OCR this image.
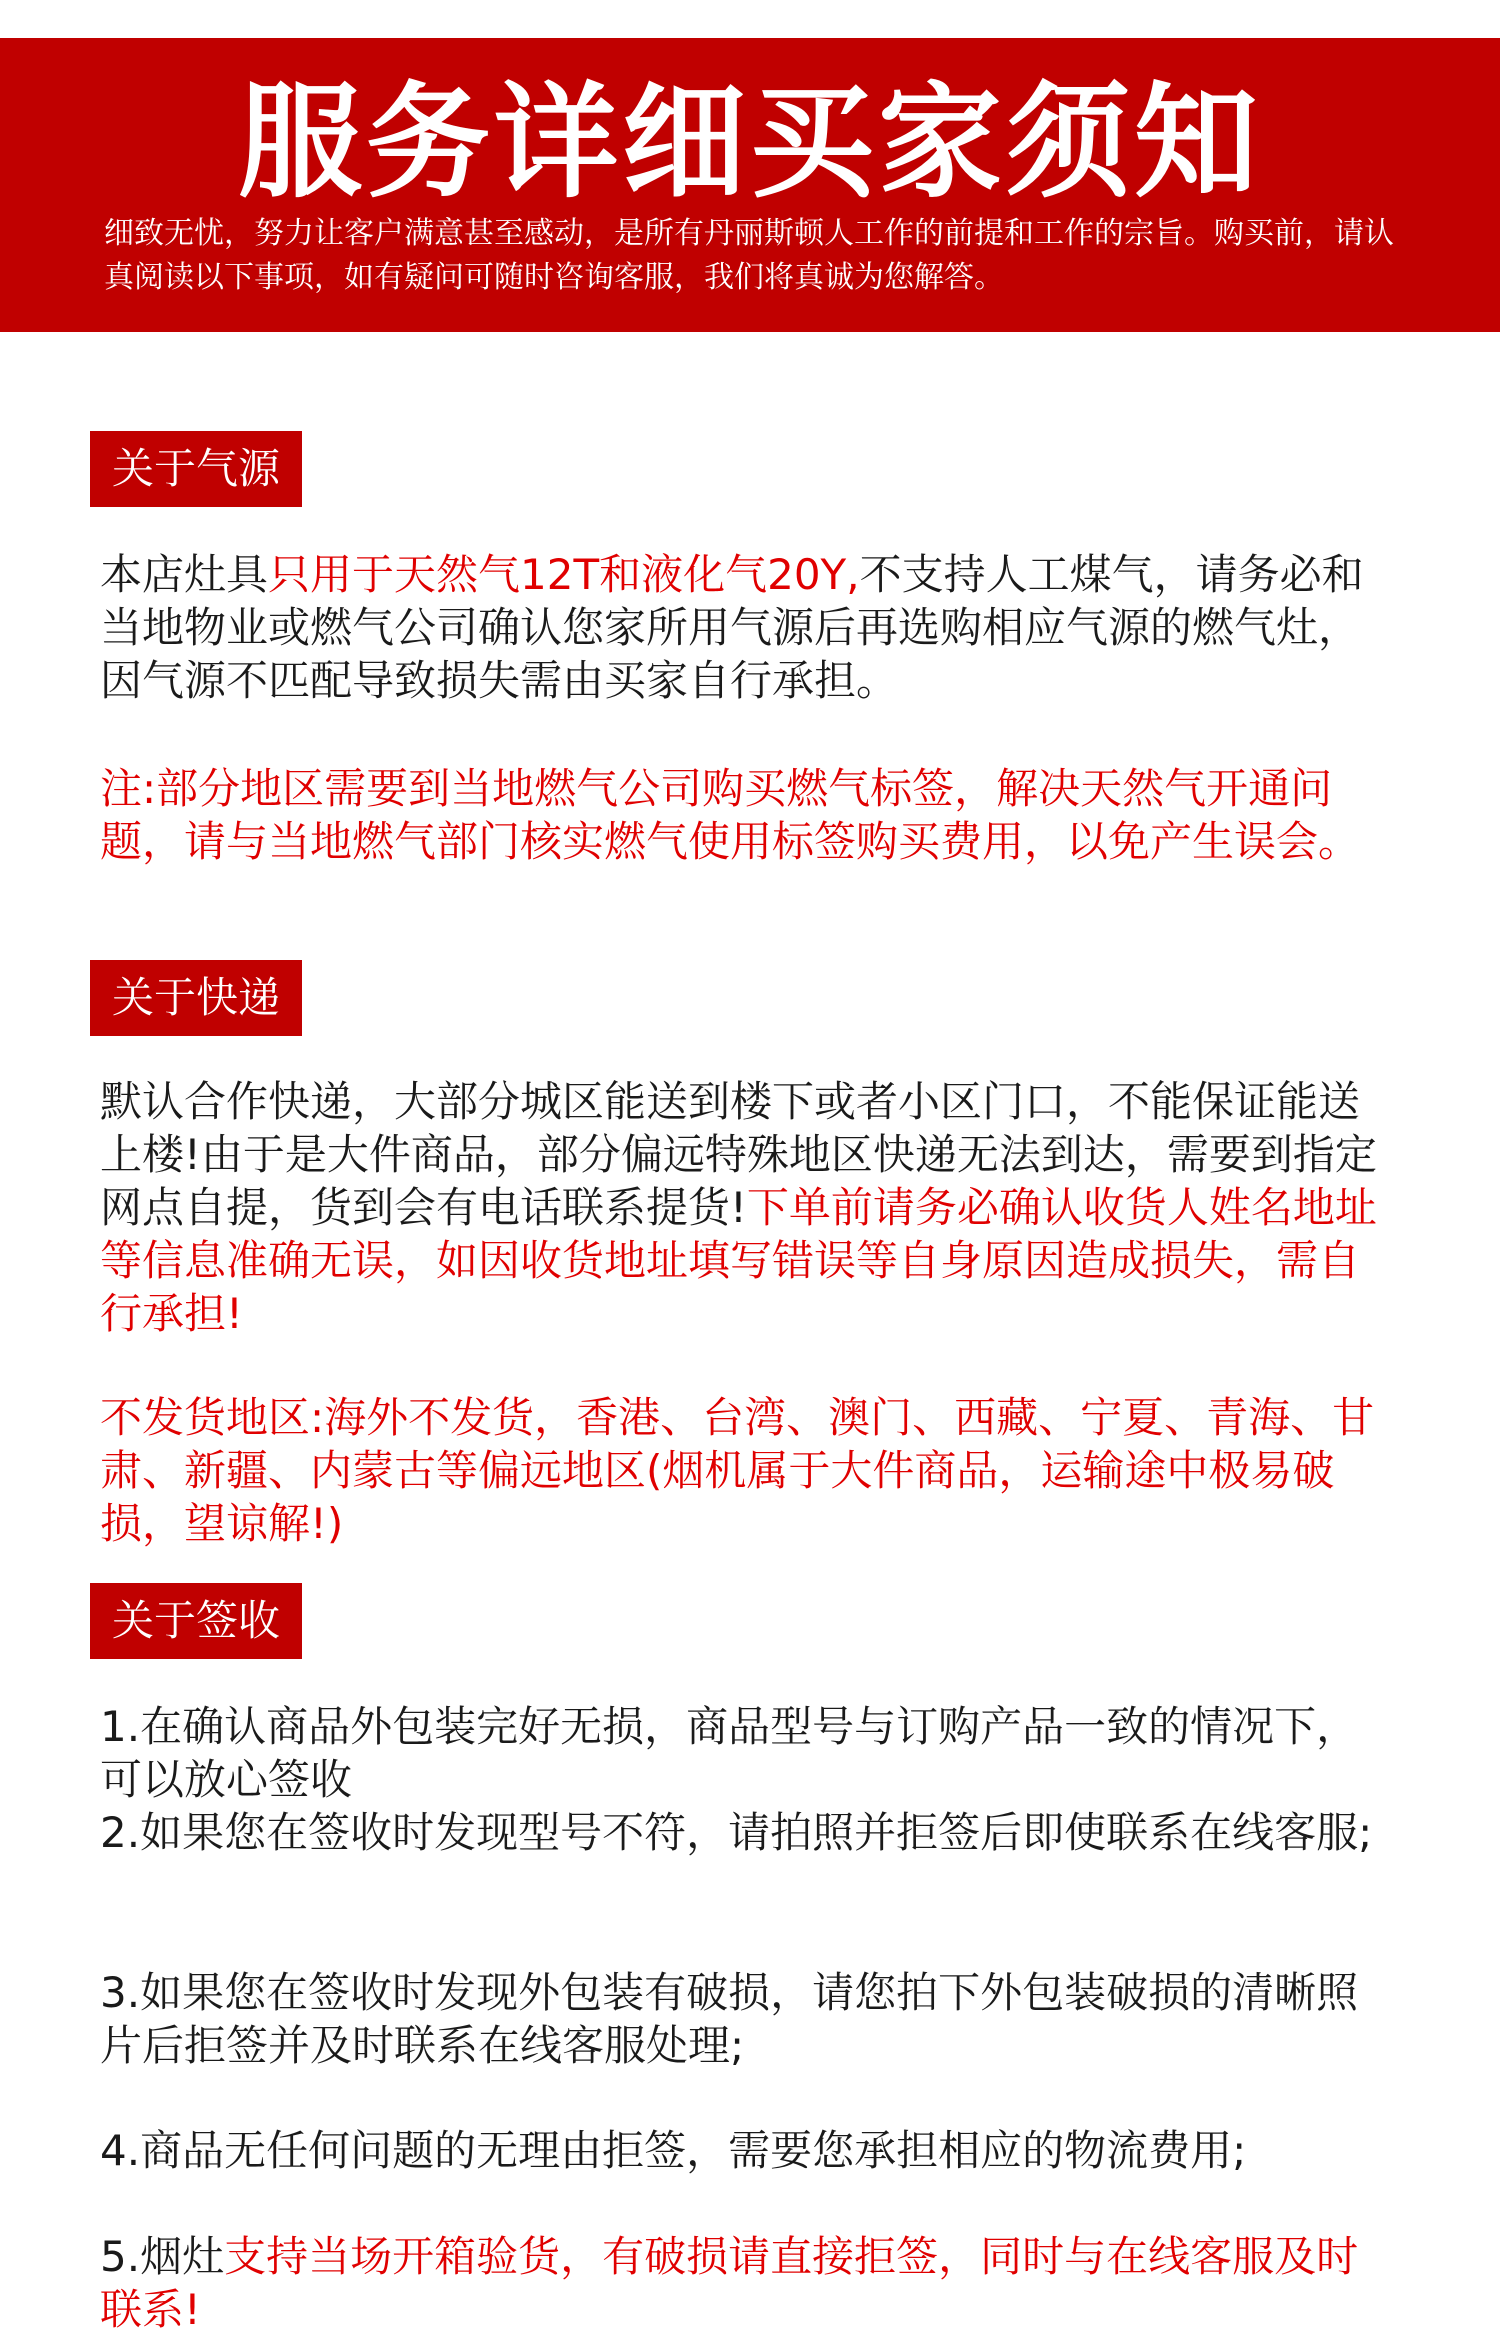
服务详细买家须知
细致无忧，努力让客户满意甚至感动，是所有丹丽斯顿人工作的前提和工作的宗旨。购买前，请认真阅读以下事项，如有疑问可随时咨询客服，我们将真诚为您解答。
关于气源
本店灶具只用于天然气12T和液化气20Y,不支持人工煤气，请务必和当地物业或燃气公司确认您家所用气源后再选购相应气源的燃气灶，因气源不匹配导致损失需由买家自行承担。
注:部分地区需要到当地燃气公司购买燃气标签，解决天然气开通问题，请与当地燃气部门核实燃气使用标签购买费用，以免产生误会。
关于快递
默认合作快递，大部分城区能送到楼下或者小区门口，不能保证能送上楼!由于是大件商品，部分偏远特殊地区快递无法到达，需要到指定网点自提，货到会有电话联系提货!下单前请务必确认收货人姓名地址等信息准确无误，如因收货地址填写错误等自身原因造成损失，需自行承担!
不发货地区:海外不发货，香港、台湾、澳门、西藏、宁夏、青海、甘肃、新疆、内蒙古等偏远地区(烟机属于大件商品，运输途中极易破损，望谅解!)
关于签收
1.在确认商品外包装完好无损，商品型号与订购产品一致的情况下，可以放心签收
2.如果您在签收时发现型号不符，请拍照并拒签后即使联系在线客服;
3.如果您在签收时发现外包装有破损，请您拍下外包装破损的清晰照片后拒签并及时联系在线客服处理;
4.商品无任何问题的无理由拒签，需要您承担相应的物流费用;
5.烟灶支持当场开箱验货，有破损请直接拒签，同时与在线客服及时联系!
